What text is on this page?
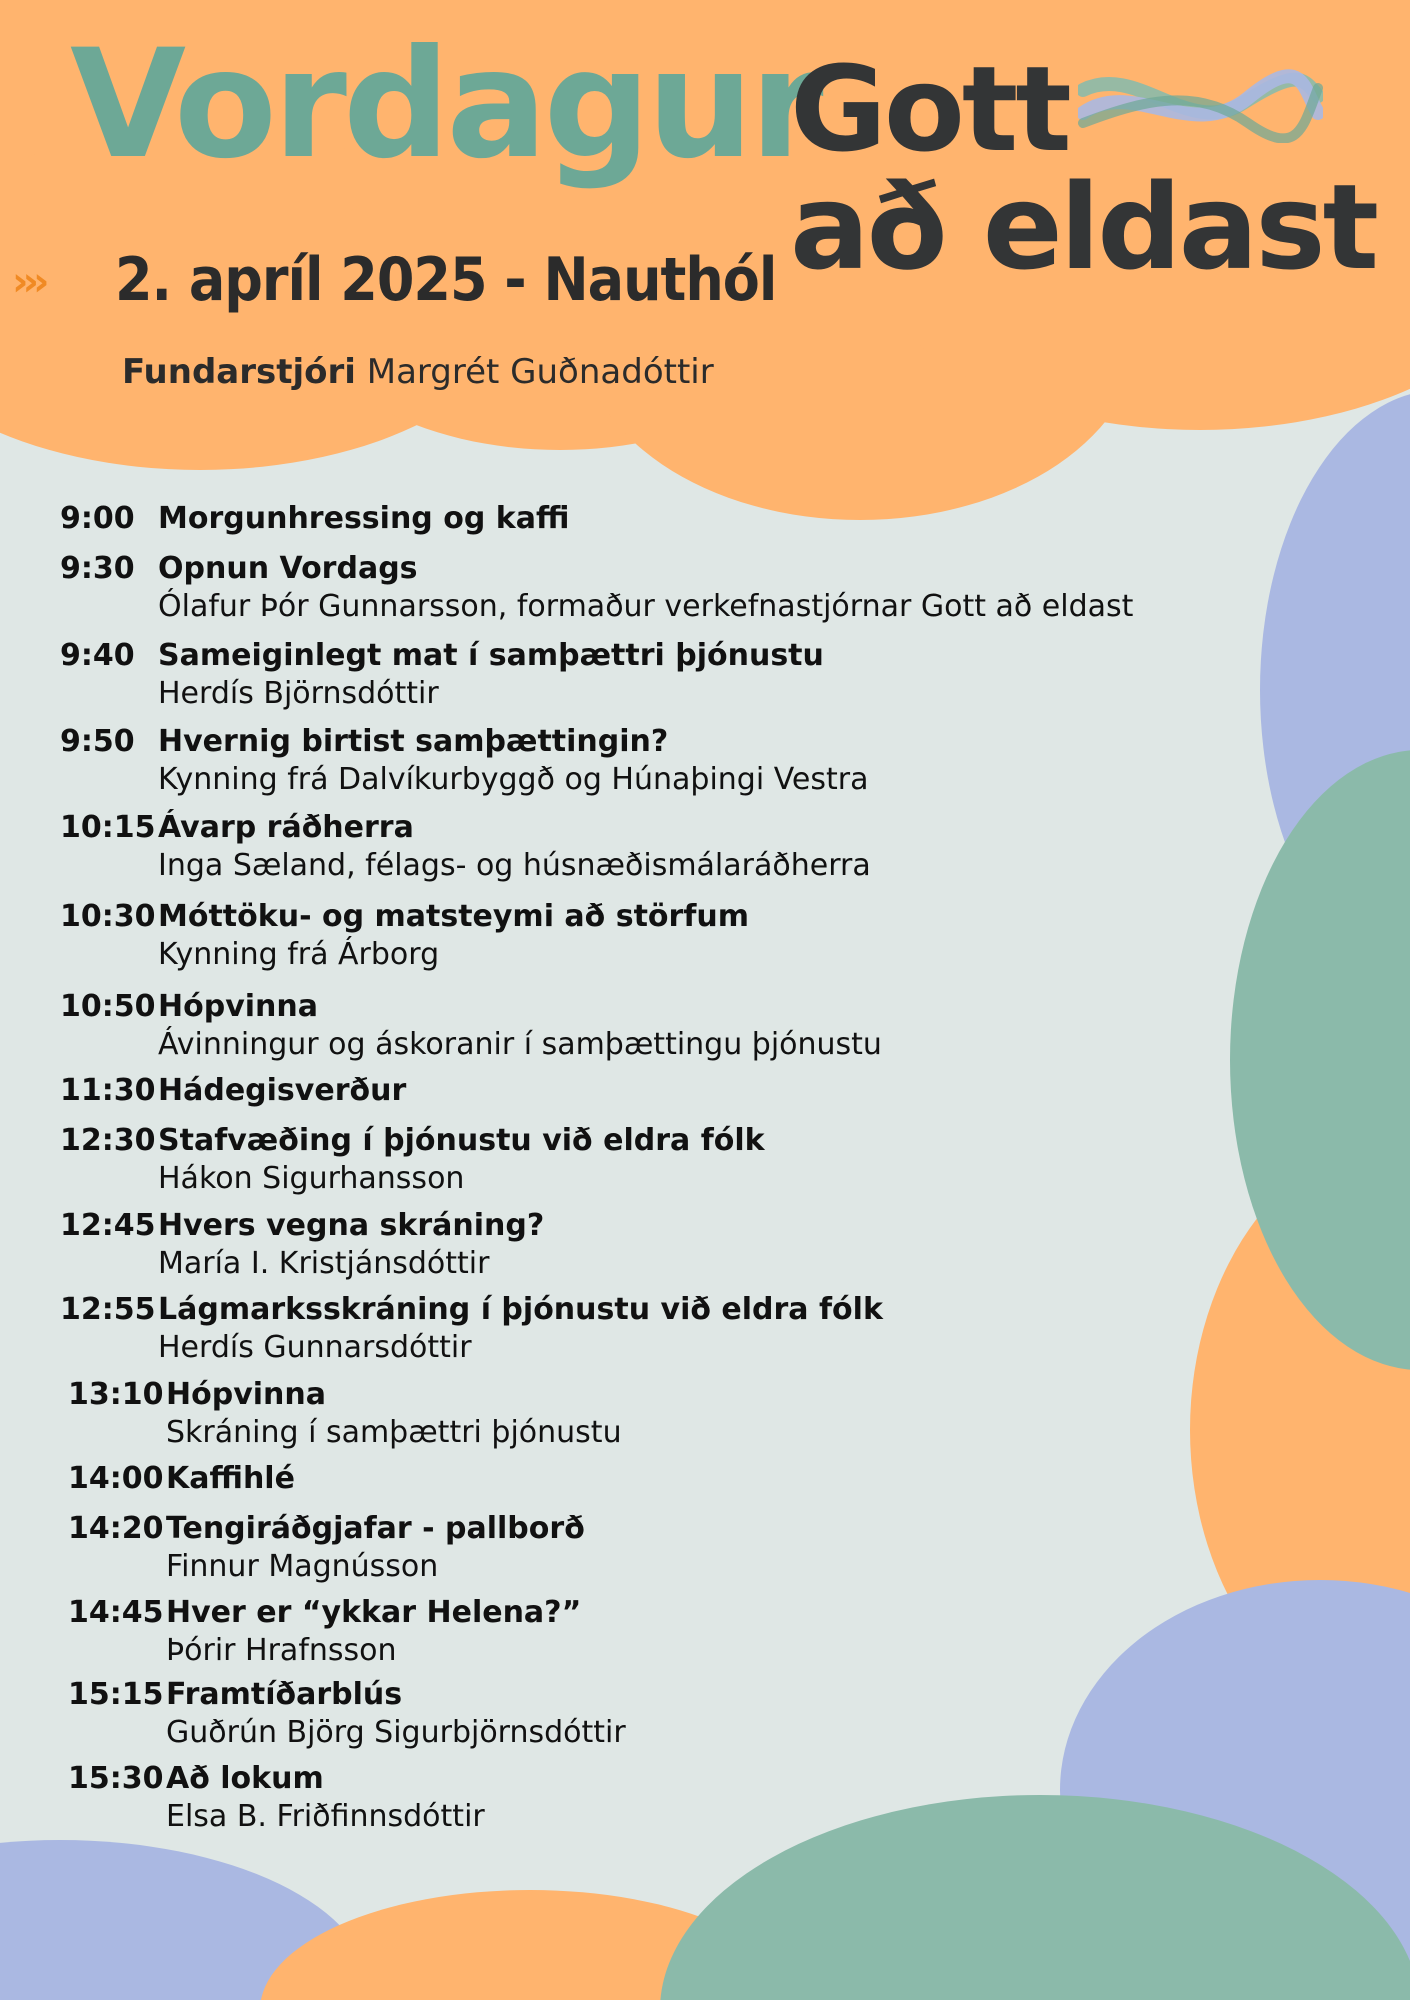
Vordagur
Gott
að eldast
››› 2. apríl 2025 - Nauthól
Fundarstjóri Margrét Guðnadóttir
9:00 Morgunhressing og kaffi
9:30 Opnun Vordags
Ólafur Þór Gunnarsson, formaður verkefnastjórnar Gott að eldast
9:40 Sameiginlegt mat í samþættri þjónustu
Herdís Björnsdóttir
9:50 Hvernig birtist samþættingin?
Kynning frá Dalvíkurbyggð og Húnaþingi Vestra
10:15 Ávarp ráðherra
Inga Sæland, félags- og húsnæðismálaráðherra
10:30 Móttöku- og matsteymi að störfum
Kynning frá Árborg
10:50 Hópvinna
Ávinningur og áskoranir í samþættingu þjónustu
11:30 Hádegisverður
12:30 Stafvæðing í þjónustu við eldra fólk
Hákon Sigurhansson
12:45 Hvers vegna skráning?
María I. Kristjánsdóttir
12:55 Lágmarksskráning í þjónustu við eldra fólk
Herdís Gunnarsdóttir
13:10 Hópvinna
Skráning í samþættri þjónustu
14:00 Kaffihlé
14:20 Tengiráðgjafar - pallborð
Finnur Magnússon
14:45 Hver er “ykkar Helena?”
Þórir Hrafnsson
15:15 Framtíðarblús
Guðrún Björg Sigurbjörnsdóttir
15:30 Að lokum
Elsa B. Friðfinnsdóttir
